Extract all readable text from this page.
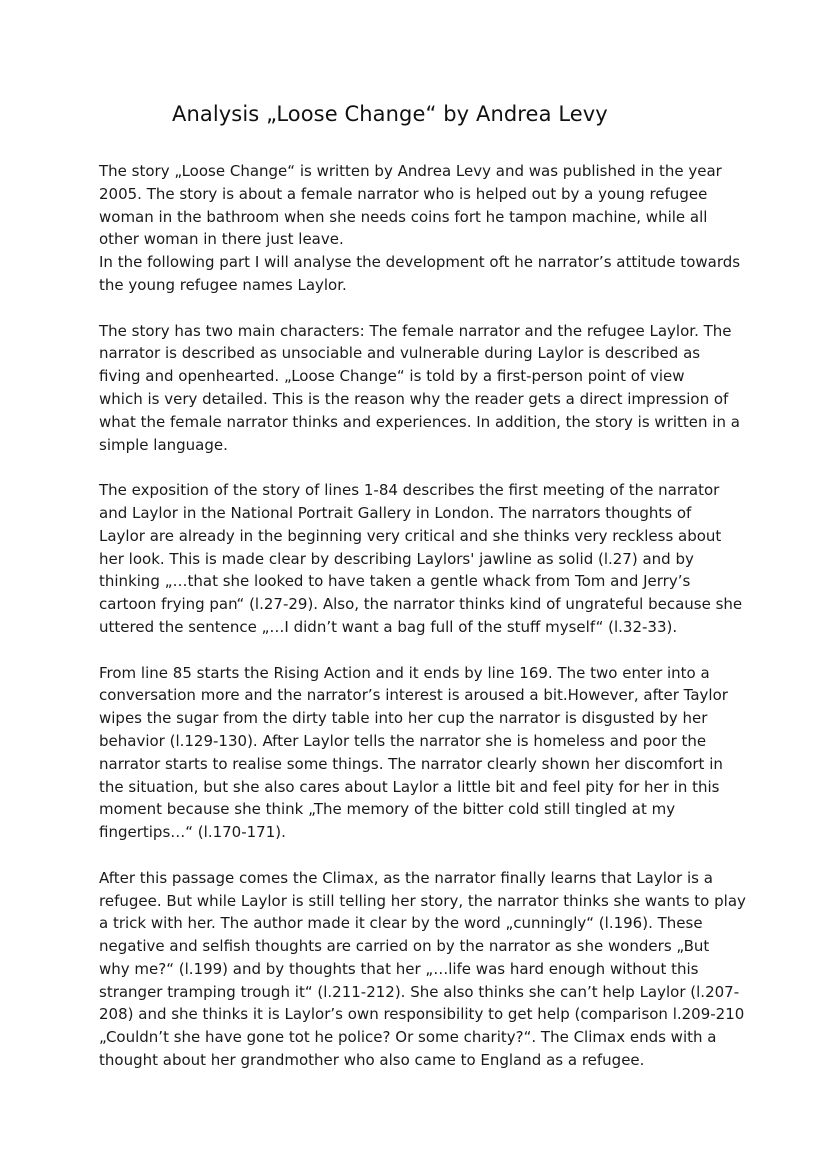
Analysis „Loose Change“ by Andrea Levy

The story „Loose Change“ is written by Andrea Levy and was published in the year
2005. The story is about a female narrator who is helped out by a young refugee
woman in the bathroom when she needs coins fort he tampon machine, while all
other woman in there just leave.
In the following part I will analyse the development oft he narrator’s attitude towards
the young refugee names Laylor.

The story has two main characters: The female narrator and the refugee Laylor. The
narrator is described as unsociable and vulnerable during Laylor is described as
fiving and openhearted. „Loose Change“ is told by a first-person point of view
which is very detailed. This is the reason why the reader gets a direct impression of
what the female narrator thinks and experiences. In addition, the story is written in a
simple language.

The exposition of the story of lines 1-84 describes the first meeting of the narrator
and Laylor in the National Portrait Gallery in London. The narrators thoughts of
Laylor are already in the beginning very critical and she thinks very reckless about
her look. This is made clear by describing Laylors' jawline as solid (l.27) and by
thinking „…that she looked to have taken a gentle whack from Tom and Jerry’s
cartoon frying pan“ (l.27-29). Also, the narrator thinks kind of ungrateful because she
uttered the sentence „…I didn’t want a bag full of the stuff myself“ (l.32-33).

From line 85 starts the Rising Action and it ends by line 169. The two enter into a
conversation more and the narrator’s interest is aroused a bit.However, after Taylor
wipes the sugar from the dirty table into her cup the narrator is disgusted by her
behavior (l.129-130). After Laylor tells the narrator she is homeless and poor the
narrator starts to realise some things. The narrator clearly shown her discomfort in
the situation, but she also cares about Laylor a little bit and feel pity for her in this
moment because she think „The memory of the bitter cold still tingled at my
fingertips…“ (l.170-171).

After this passage comes the Climax, as the narrator finally learns that Laylor is a
refugee. But while Laylor is still telling her story, the narrator thinks she wants to play
a trick with her. The author made it clear by the word „cunningly“ (l.196). These
negative and selfish thoughts are carried on by the narrator as she wonders „But
why me?“ (l.199) and by thoughts that her „…life was hard enough without this
stranger tramping trough it“ (l.211-212). She also thinks she can’t help Laylor (l.207-
208) and she thinks it is Laylor’s own responsibility to get help (comparison l.209-210
„Couldn’t she have gone tot he police? Or some charity?“. The Climax ends with a
thought about her grandmother who also came to England as a refugee.
